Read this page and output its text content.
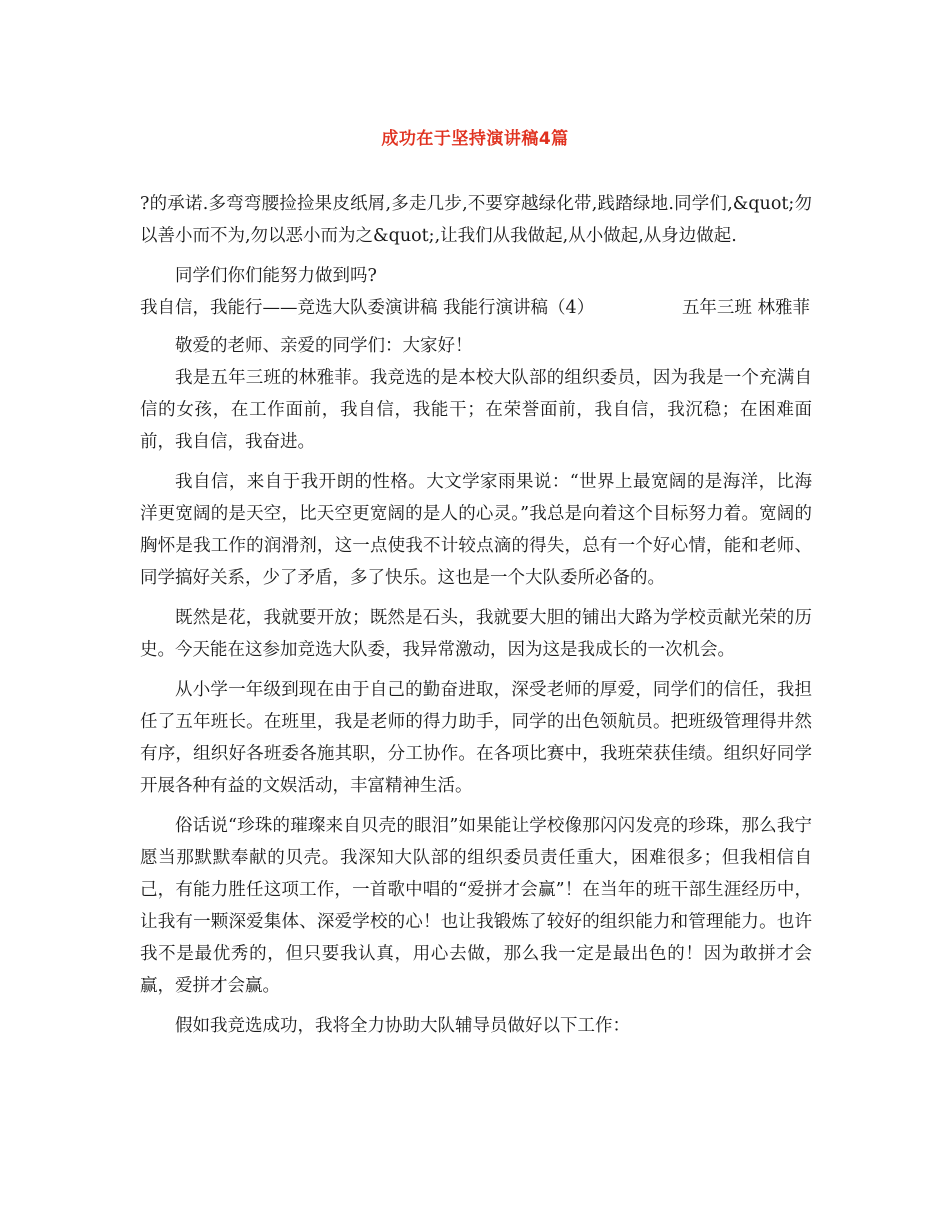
成功在于坚持演讲稿4篇

?的承诺.多弯弯腰捡捡果皮纸屑,多走几步,不要穿越绿化带,践踏绿地.同学们,&quot;勿以善小而不为,勿以恶小而为之&quot;,让我们从我做起,从小做起,从身边做起.

同学们你们能努力做到吗?

我自信，我能行——竞选大队委演讲稿 我能行演讲稿（4）	五年三班 林雅菲

敬爱的老师、亲爱的同学们：大家好！

我是五年三班的林雅菲。我竞选的是本校大队部的组织委员，因为我是一个充满自信的女孩，在工作面前，我自信，我能干；在荣誉面前，我自信，我沉稳；在困难面前，我自信，我奋进。

我自信，来自于我开朗的性格。大文学家雨果说：“世界上最宽阔的是海洋，比海洋更宽阔的是天空，比天空更宽阔的是人的心灵。”我总是向着这个目标努力着。宽阔的胸怀是我工作的润滑剂，这一点使我不计较点滴的得失，总有一个好心情，能和老师、同学搞好关系，少了矛盾，多了快乐。这也是一个大队委所必备的。

既然是花，我就要开放；既然是石头，我就要大胆的铺出大路为学校贡献光荣的历史。今天能在这参加竞选大队委，我异常激动，因为这是我成长的一次机会。

从小学一年级到现在由于自己的勤奋进取，深受老师的厚爱，同学们的信任，我担任了五年班长。在班里，我是老师的得力助手，同学的出色领航员。把班级管理得井然有序，组织好各班委各施其职，分工协作。在各项比赛中，我班荣获佳绩。组织好同学开展各种有益的文娱活动，丰富精神生活。

俗话说“珍珠的璀璨来自贝壳的眼泪”如果能让学校像那闪闪发亮的珍珠，那么我宁愿当那默默奉献的贝壳。我深知大队部的组织委员责任重大，困难很多；但我相信自己，有能力胜任这项工作，一首歌中唱的“爱拼才会赢”！在当年的班干部生涯经历中，让我有一颗深爱集体、深爱学校的心！也让我锻炼了较好的组织能力和管理能力。也许我不是最优秀的，但只要我认真，用心去做，那么我一定是最出色的！因为敢拼才会赢，爱拼才会赢。

假如我竞选成功，我将全力协助大队辅导员做好以下工作：
